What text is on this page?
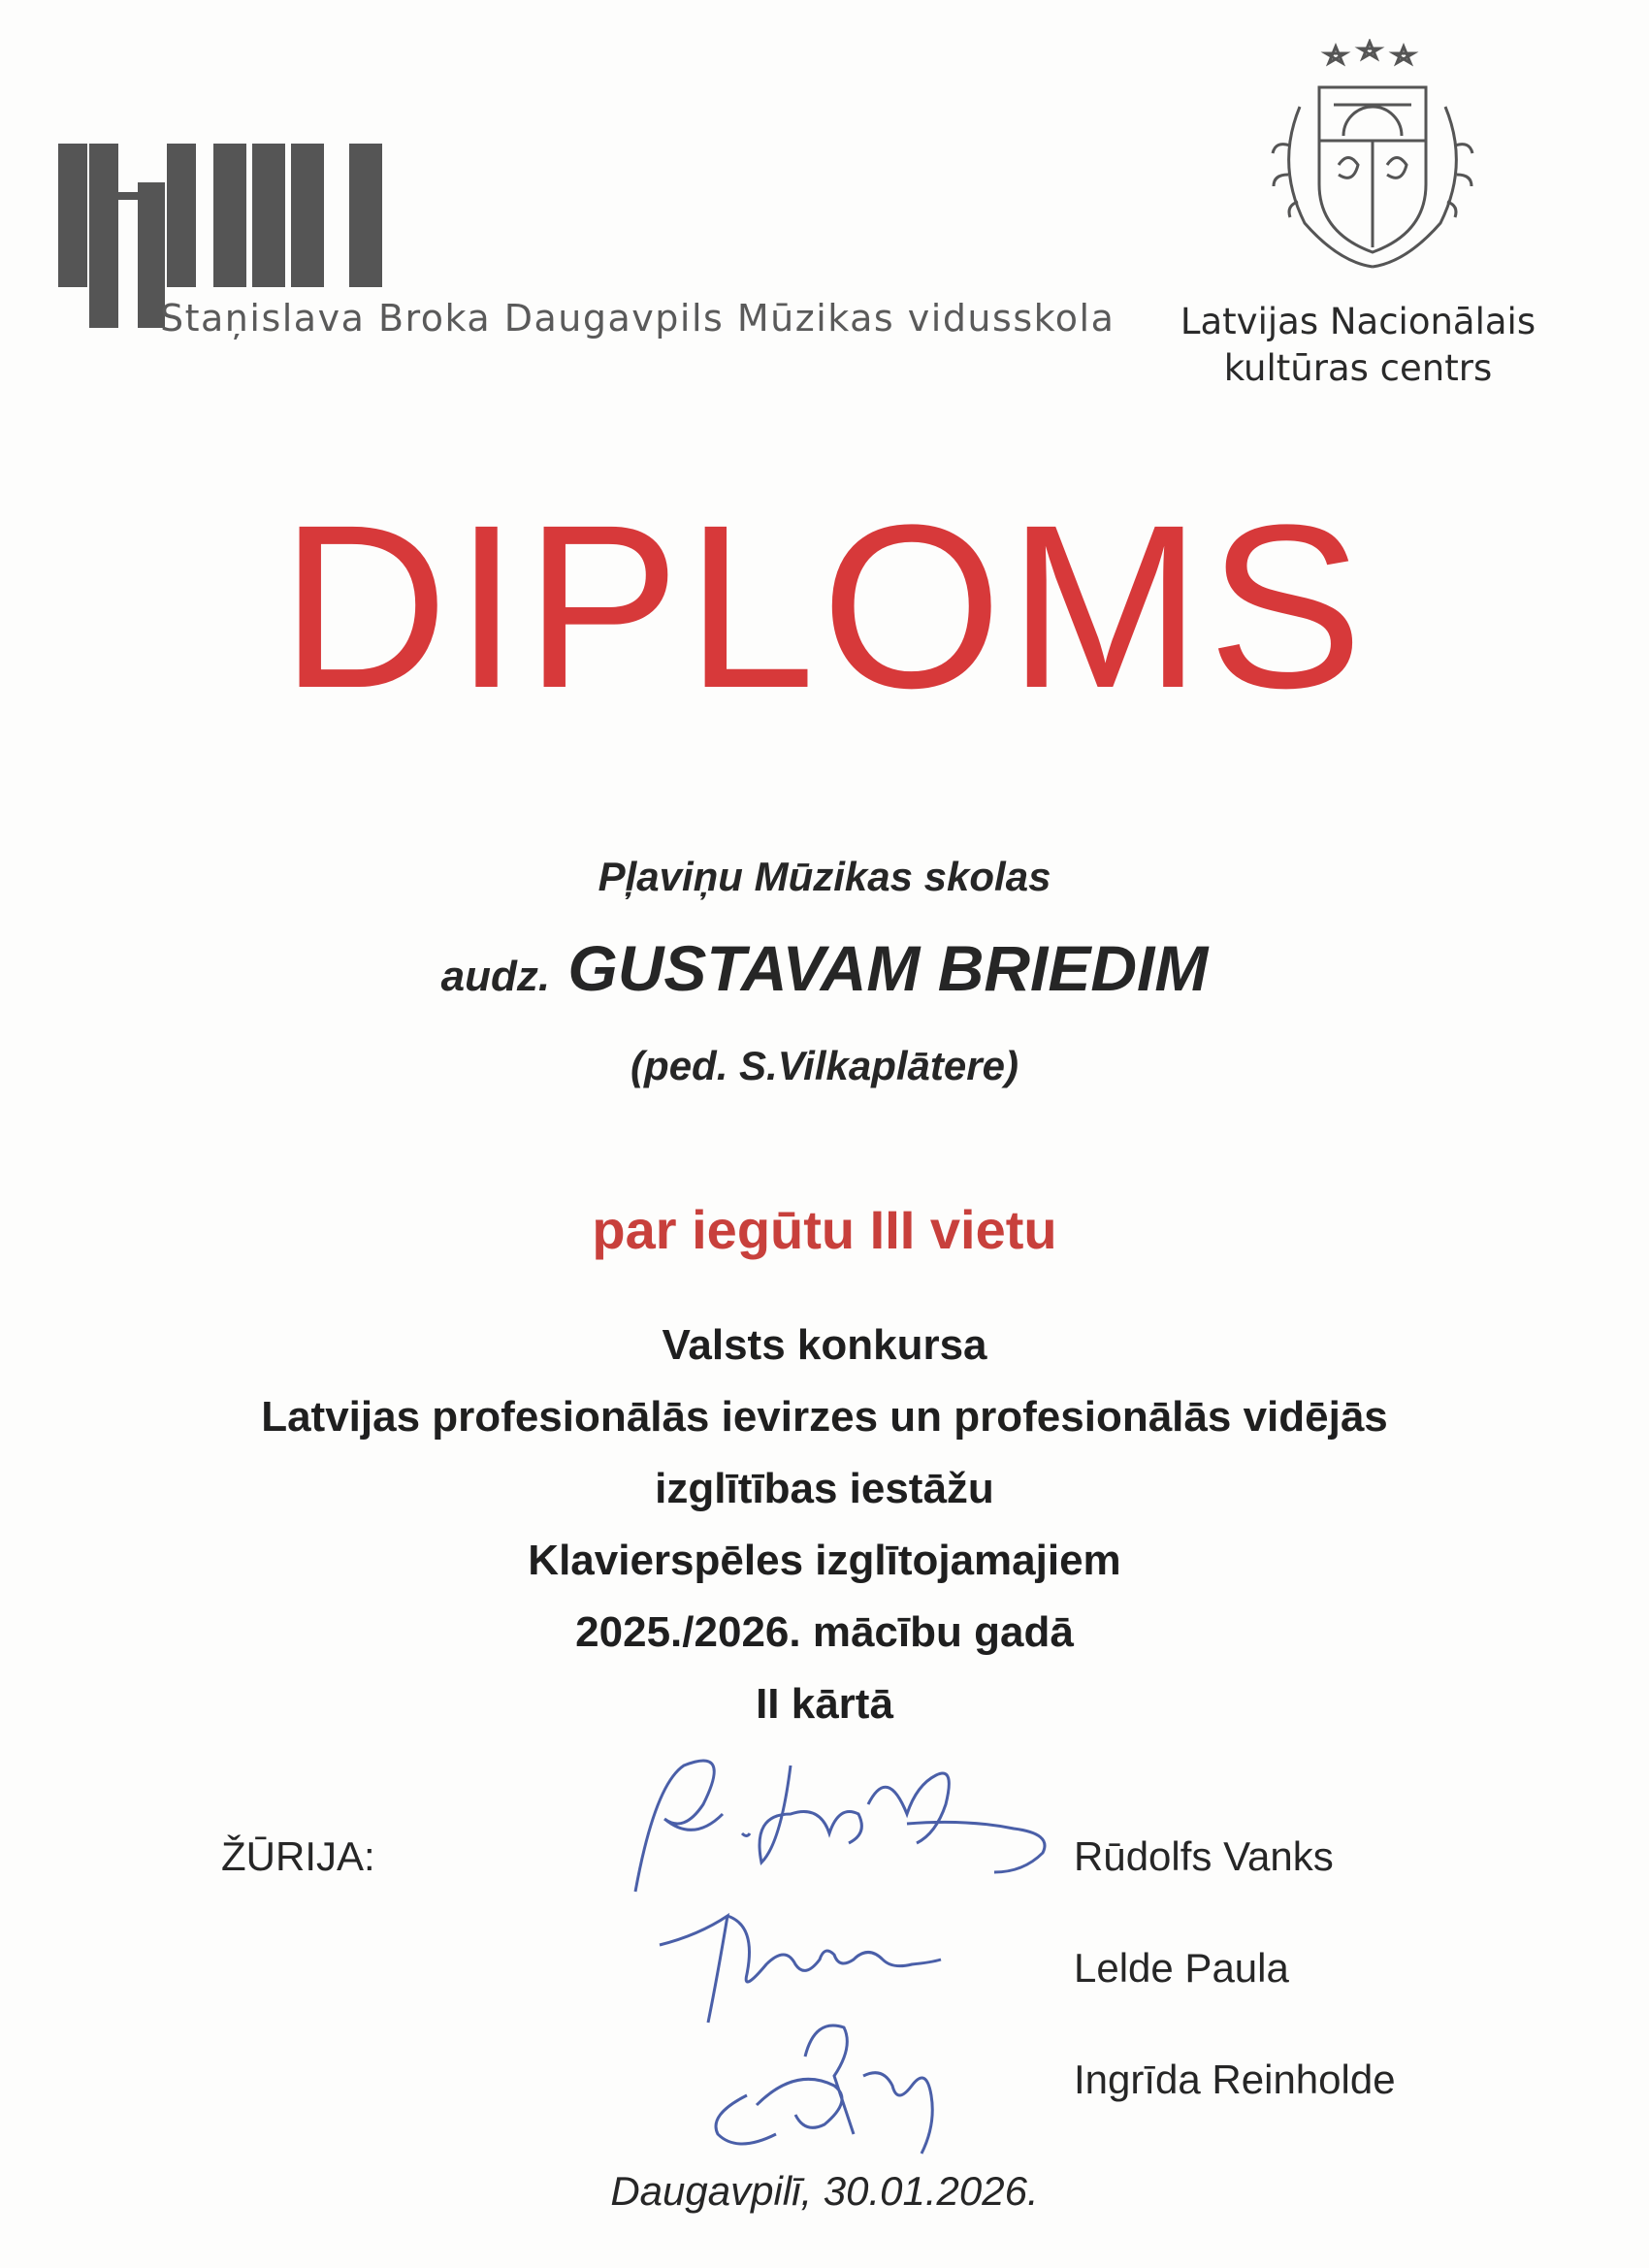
Staņislava Broka Daugavpils Mūzikas vidusskola	Latvijas Nacionālais
kultūras centrs
DIPLOMS
Pļaviņu Mūzikas skolas
audz. GUSTAVAM BRIEDIM
(ped. S.Vilkaplātere)
par iegūtu III vietu
Valsts konkursa
Latvijas profesionālās ievirzes un profesionālās vidējās
izglītības iestāžu
Klavierspēles izglītojamajiem
2025./2026. mācību gadā
II kārtā
ŽŪRIJA:	Rūdolfs Vanks
Lelde Paula
Ingrīda Reinholde
Daugavpilī, 30.01.2026.
